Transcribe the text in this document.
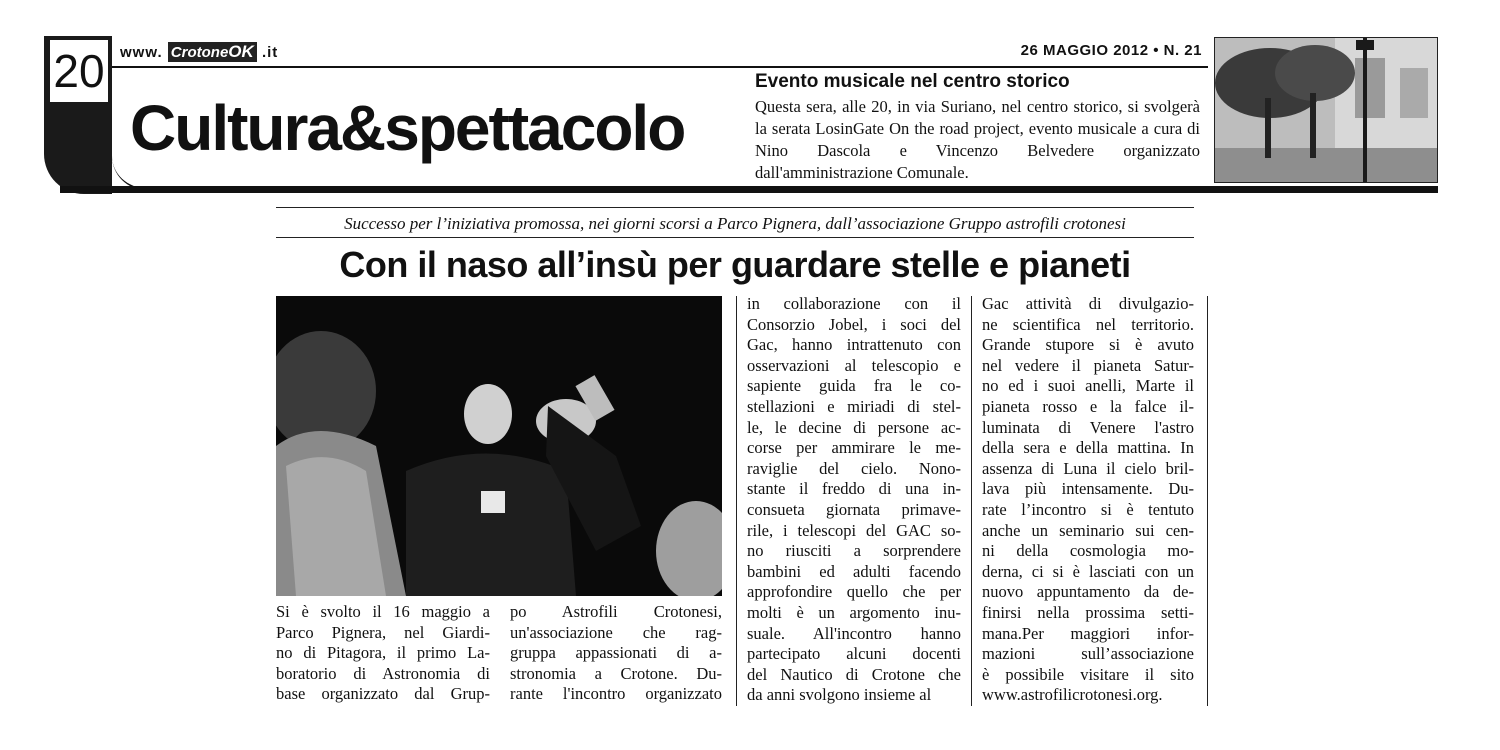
20 www. CrotoneOK .it	26 MAGGIO 2012 • N. 21
Cultura&spettacolo
Evento musicale nel centro storico
Questa sera, alle 20, in via Suriano, nel centro storico, si svolgerà la serata LosinGate On the road project, evento musicale a cura di Nino Dascola e Vincenzo Belvedere organizzato dall'amministrazione Comunale.
Successo per l’iniziativa promossa, nei giorni scorsi a Parco Pignera, dall’associazione Gruppo astrofili crotonesi
Con il naso all’insù per guardare stelle e pianeti
Si è svolto il 16 maggio a
Parco Pignera, nel Giardi-
no di Pitagora, il primo La-
boratorio di Astronomia di
base organizzato dal Grup-
po Astrofili Crotonesi,
un'associazione che rag-
gruppa appassionati di a-
stronomia a Crotone. Du-
rante l'incontro organizzato
in collaborazione con il
Consorzio Jobel, i soci del
Gac, hanno intrattenuto con
osservazioni al telescopio e
sapiente guida fra le co-
stellazioni e miriadi di stel-
le, le decine di persone ac-
corse per ammirare le me-
raviglie del cielo. Nono-
stante il freddo di una in-
consueta giornata primave-
rile, i telescopi del GAC so-
no riusciti a sorprendere
bambini ed adulti facendo
approfondire quello che per
molti è un argomento inu-
suale. All'incontro hanno
partecipato alcuni docenti
del Nautico di Crotone che
da anni svolgono insieme al
Gac attività di divulgazio-
ne scientifica nel territorio.
Grande stupore si è avuto
nel vedere il pianeta Satur-
no ed i suoi anelli, Marte il
pianeta rosso e la falce il-
luminata di Venere l'astro
della sera e della mattina. In
assenza di Luna il cielo bril-
lava più intensamente. Du-
rate l’incontro si è tentuto
anche un seminario sui cen-
ni della cosmologia mo-
derna, ci si è lasciati con un
nuovo appuntamento da de-
finirsi nella prossima setti-
mana.Per maggiori infor-
mazioni sull’associazione
è possibile visitare il sito
www.astrofilicrotonesi.org.
